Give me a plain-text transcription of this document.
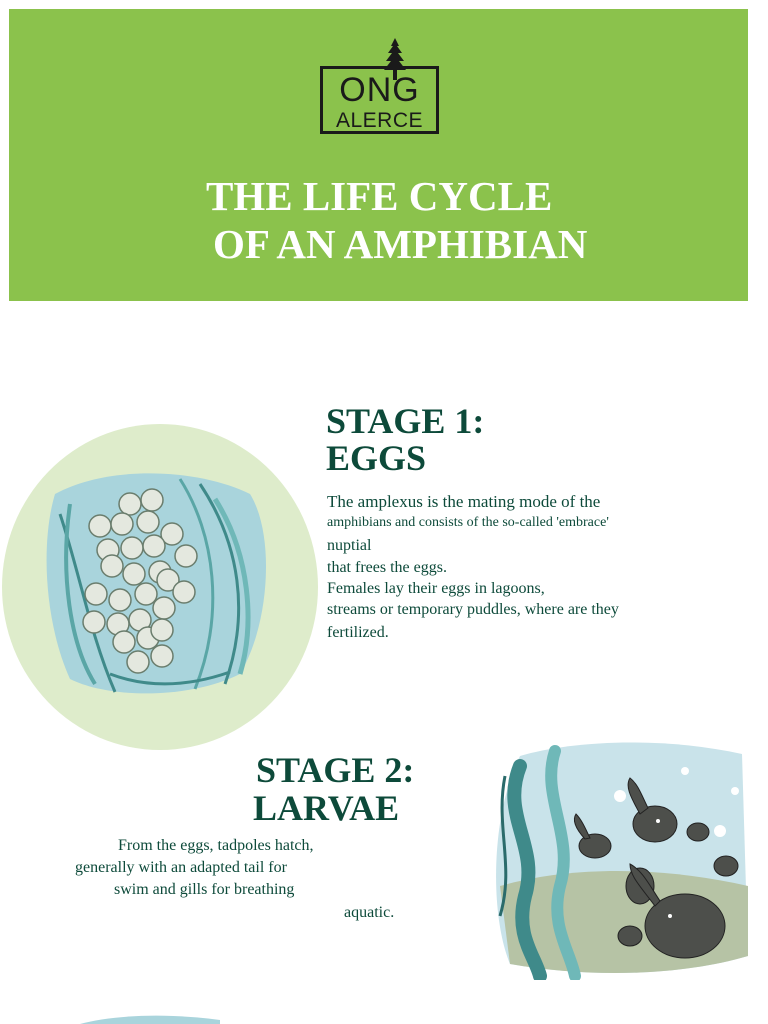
ONG
ALERCE
THE LIFE CYCLE
OF AN AMPHIBIAN
STAGE 1:
EGGS
The amplexus is the mating mode of the
amphibians and consists of the so-called 'embrace'
nuptial
that frees the eggs.
Females lay their eggs in lagoons,
streams or temporary puddles, where are they
fertilized.
STAGE 2:
LARVAE
From the eggs, tadpoles hatch,
generally with an adapted tail for
swim and gills for breathing
aquatic.
